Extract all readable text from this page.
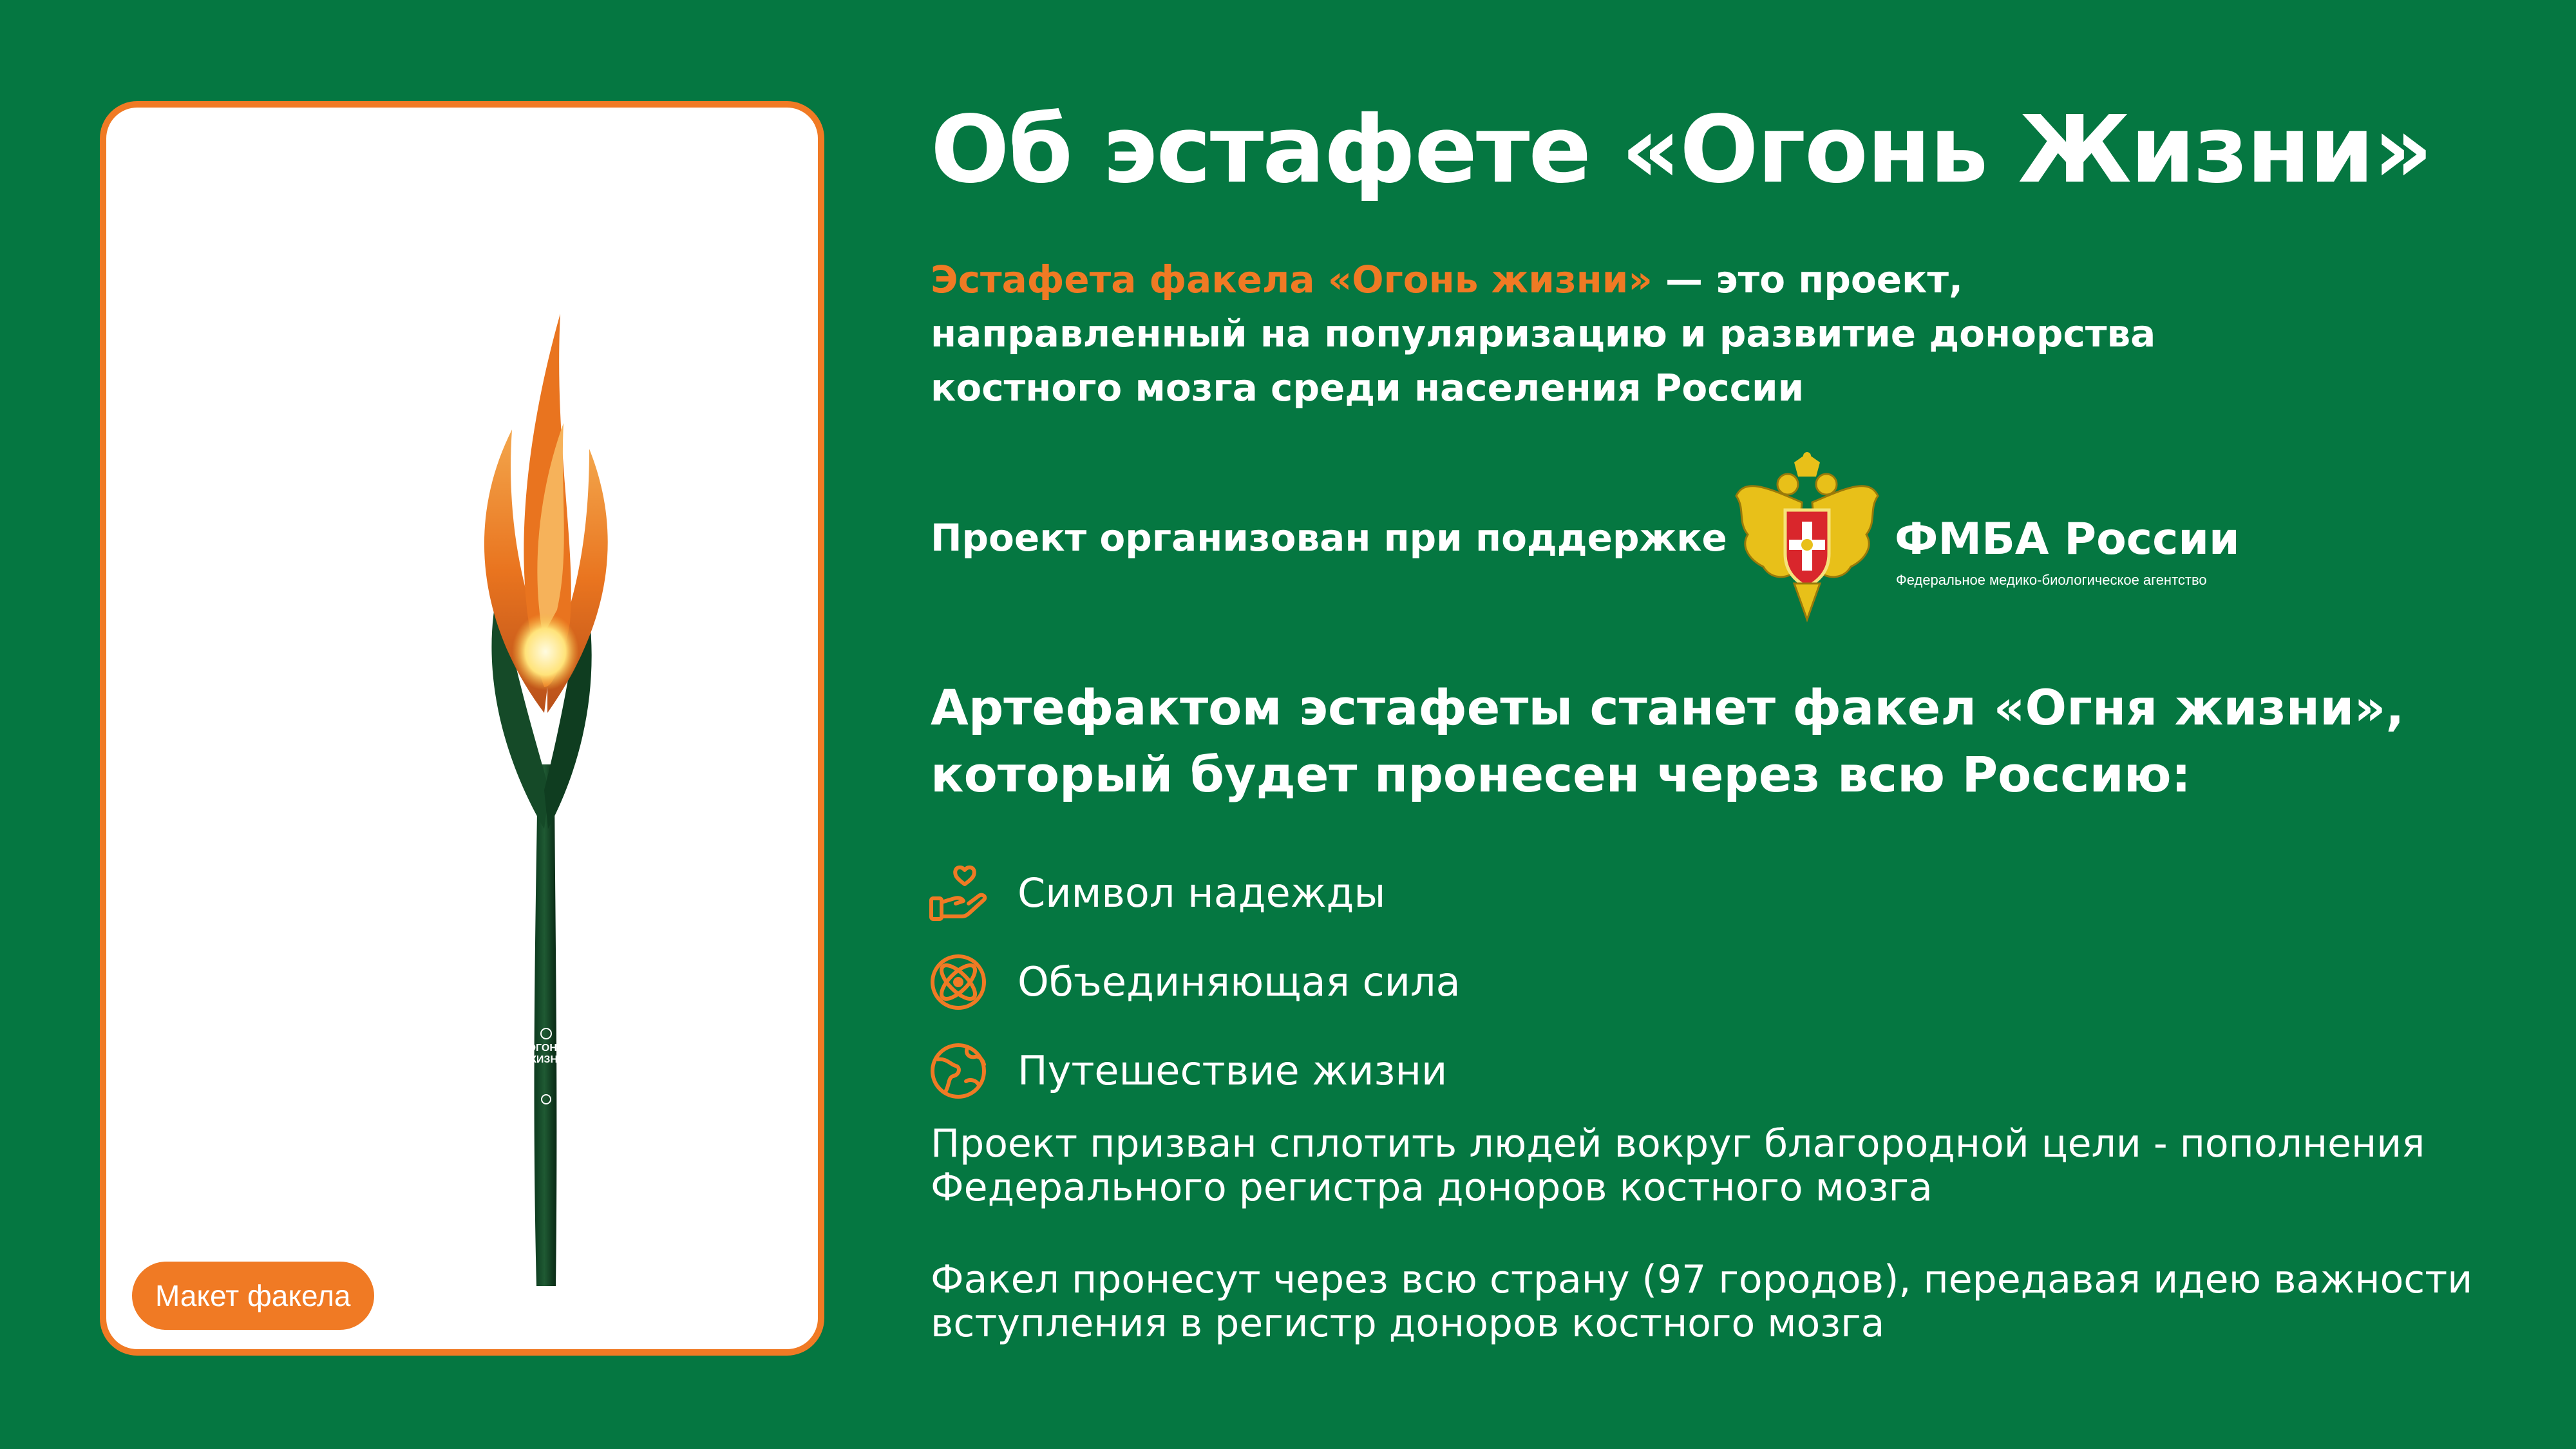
ОГОНЬ
ЖИЗНИ
Макет факела
Об эстафете «Огонь Жизни»

Эстафета факела «Огонь жизни» — это проект, направленный на популяризацию и развитие донорства костного мозга среди населения России

Проект организован при поддержке	ФМБА России
Федеральное медико-биологическое агентство

Артефактом эстафеты станет факел «Огня жизни», который будет пронесен через всю Россию:

Символ надежды
Объединяющая сила
Путешествие жизни

Проект призван сплотить людей вокруг благородной цели - пополнения Федерального регистра доноров костного мозга

Факел пронесут через всю страну (97 городов), передавая идею важности вступления в регистр доноров костного мозга
